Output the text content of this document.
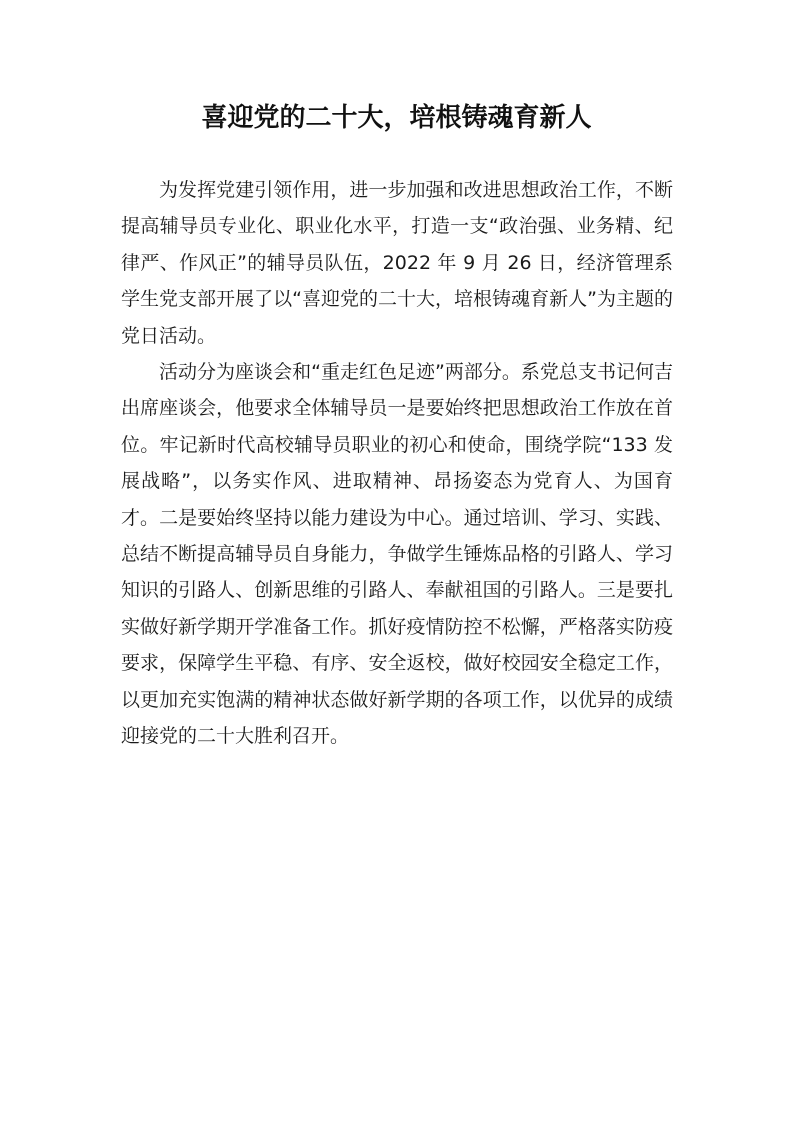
喜迎党的二十大，培根铸魂育新人

为发挥党建引领作用，进一步加强和改进思想政治工作，不断提高辅导员专业化、职业化水平，打造一支“政治强、业务精、纪律严、作风正”的辅导员队伍，2022 年 9 月 26 日，经济管理系学生党支部开展了以“喜迎党的二十大，培根铸魂育新人”为主题的党日活动。

活动分为座谈会和“重走红色足迹”两部分。系党总支书记何吉出席座谈会，他要求全体辅导员一是要始终把思想政治工作放在首位。牢记新时代高校辅导员职业的初心和使命，围绕学院“133 发展战略”，以务实作风、进取精神、昂扬姿态为党育人、为国育才。二是要始终坚持以能力建设为中心。通过培训、学习、实践、总结不断提高辅导员自身能力，争做学生锤炼品格的引路人、学习知识的引路人、创新思维的引路人、奉献祖国的引路人。三是要扎实做好新学期开学准备工作。抓好疫情防控不松懈，严格落实防疫要求，保障学生平稳、有序、安全返校，做好校园安全稳定工作，以更加充实饱满的精神状态做好新学期的各项工作，以优异的成绩迎接党的二十大胜利召开。
